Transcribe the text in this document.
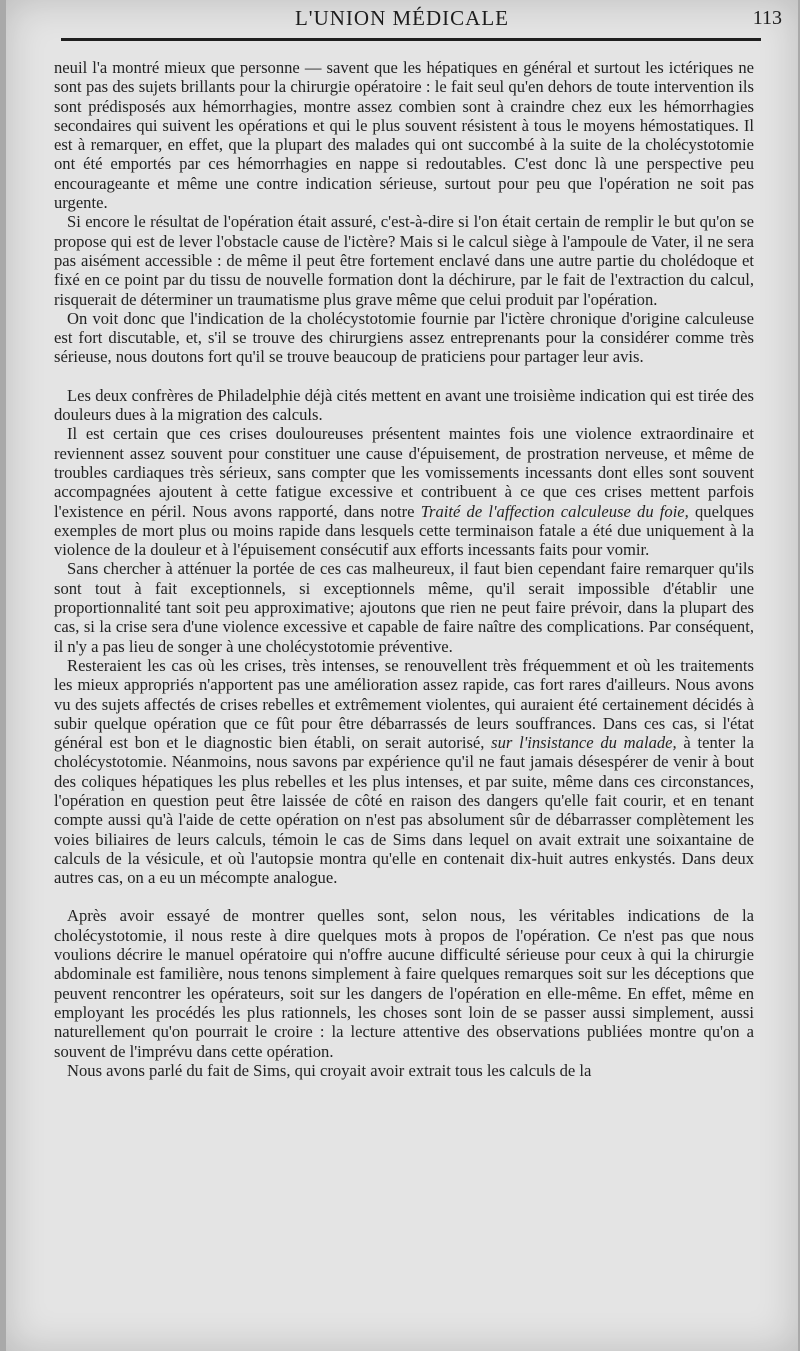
L'UNION MÉDICALE	113

neuil l'a montré mieux que personne — savent que les hépatiques en général et surtout les ictériques ne sont pas des sujets brillants pour la chirurgie opératoire : le fait seul qu'en dehors de toute intervention ils sont prédisposés aux hémorrhagies, montre assez combien sont à craindre chez eux les hémorrhagies secondaires qui suivent les opérations et qui le plus souvent résistent à tous le moyens hémostatiques. Il est à remarquer, en effet, que la plupart des malades qui ont succombé à la suite de la cholécystotomie ont été emportés par ces hémorrhagies en nappe si redoutables. C'est donc là une perspective peu encourageante et même une contre indication sérieuse, surtout pour peu que l'opération ne soit pas urgente.

Si encore le résultat de l'opération était assuré, c'est-à-dire si l'on était certain de remplir le but qu'on se propose qui est de lever l'obstacle cause de l'ictère? Mais si le calcul siège à l'ampoule de Vater, il ne sera pas aisément accessible : de même il peut être fortement enclavé dans une autre partie du cholédoque et fixé en ce point par du tissu de nouvelle formation dont la déchirure, par le fait de l'extraction du calcul, risquerait de déterminer un traumatisme plus grave même que celui produit par l'opération.

On voit donc que l'indication de la cholécystotomie fournie par l'ictère chronique d'origine calculeuse est fort discutable, et, s'il se trouve des chirurgiens assez entreprenants pour la considérer comme très sérieuse, nous doutons fort qu'il se trouve beaucoup de praticiens pour partager leur avis.

Les deux confrères de Philadelphie déjà cités mettent en avant une troisième indication qui est tirée des douleurs dues à la migration des calculs.

Il est certain que ces crises douloureuses présentent maintes fois une violence extraordinaire et reviennent assez souvent pour constituer une cause d'épuisement, de prostration nerveuse, et même de troubles cardiaques très sérieux, sans compter que les vomissements incessants dont elles sont souvent accompagnées ajoutent à cette fatigue excessive et contribuent à ce que ces crises mettent parfois l'existence en péril. Nous avons rapporté, dans notre Traité de l'affection calculeuse du foie, quelques exemples de mort plus ou moins rapide dans lesquels cette terminaison fatale a été due uniquement à la violence de la douleur et à l'épuisement consécutif aux efforts incessants faits pour vomir.

Sans chercher à atténuer la portée de ces cas malheureux, il faut bien cependant faire remarquer qu'ils sont tout à fait exceptionnels, si exceptionnels même, qu'il serait impossible d'établir une proportionnalité tant soit peu approximative; ajoutons que rien ne peut faire prévoir, dans la plupart des cas, si la crise sera d'une violence excessive et capable de faire naître des complications. Par conséquent, il n'y a pas lieu de songer à une cholécystotomie préventive.

Resteraient les cas où les crises, très intenses, se renouvellent très fréquemment et où les traitements les mieux appropriés n'apportent pas une amélioration assez rapide, cas fort rares d'ailleurs. Nous avons vu des sujets affectés de crises rebelles et extrêmement violentes, qui auraient été certainement décidés à subir quelque opération que ce fût pour être débarrassés de leurs souffrances. Dans ces cas, si l'état général est bon et le diagnostic bien établi, on serait autorisé, sur l'insistance du malade, à tenter la cholécystotomie. Néanmoins, nous savons par expérience qu'il ne faut jamais désespérer de venir à bout des coliques hépatiques les plus rebelles et les plus intenses, et par suite, même dans ces circonstances, l'opération en question peut être laissée de côté en raison des dangers qu'elle fait courir, et en tenant compte aussi qu'à l'aide de cette opération on n'est pas absolument sûr de débarrasser complètement les voies biliaires de leurs calculs, témoin le cas de Sims dans lequel on avait extrait une soixantaine de calculs de la vésicule, et où l'autopsie montra qu'elle en contenait dix-huit autres enkystés. Dans deux autres cas, on a eu un mécompte analogue.

Après avoir essayé de montrer quelles sont, selon nous, les véritables indications de la cholécystotomie, il nous reste à dire quelques mots à propos de l'opération. Ce n'est pas que nous voulions décrire le manuel opératoire qui n'offre aucune difficulté sérieuse pour ceux à qui la chirurgie abdominale est familière, nous tenons simplement à faire quelques remarques soit sur les déceptions que peuvent rencontrer les opérateurs, soit sur les dangers de l'opération en elle-même. En effet, même en employant les procédés les plus rationnels, les choses sont loin de se passer aussi simplement, aussi naturellement qu'on pourrait le croire : la lecture attentive des observations publiées montre qu'on a souvent de l'imprévu dans cette opération.

Nous avons parlé du fait de Sims, qui croyait avoir extrait tous les calculs de la
